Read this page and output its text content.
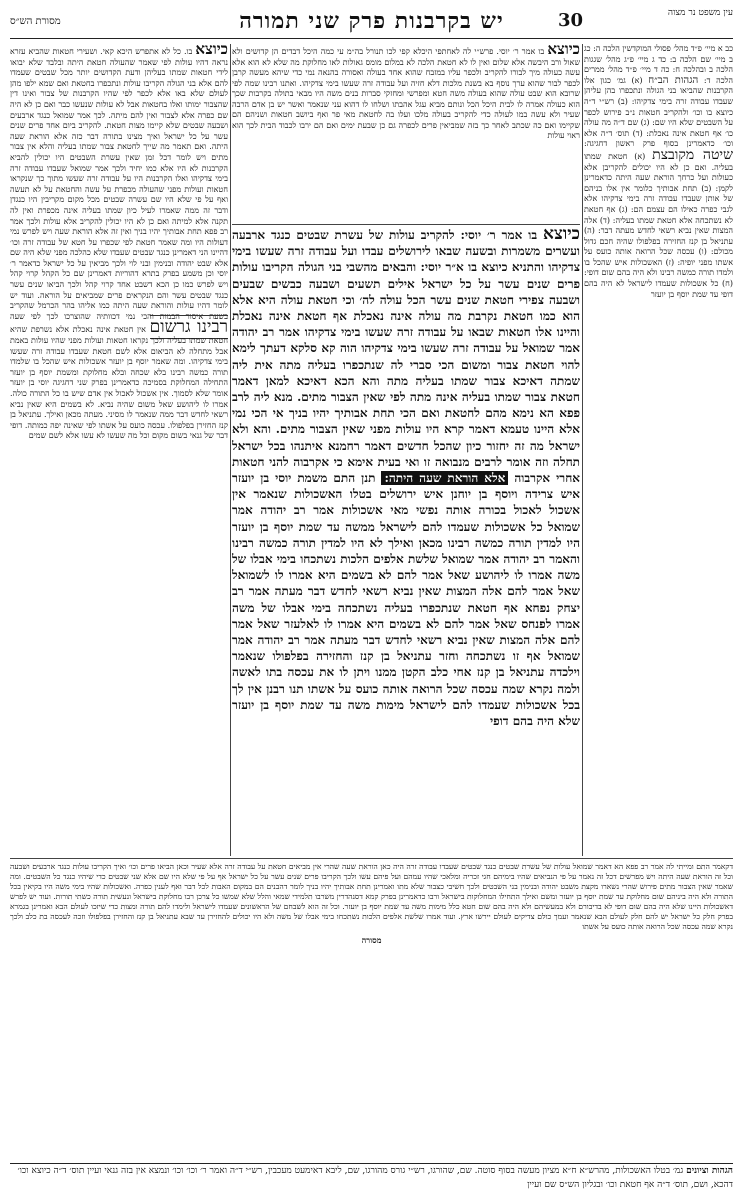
יש בקרבנות פרק שני תמורה	30
מסורת הש״ס
עין משפט נר מצוה
כיוצא בו אמר ר׳ יוסי. פרש״י לה לאחתפי היכלא קפי לכו תנורל בה״מ עי כמה היכל דבדים הן קדושים ולא שאול ורב היבשה אלא שלום ואין לו לא חטאת הלכה לא במלום מומס גאולות לאו מחלוקת מה שלא לא הוא אלא עשה כעולה מיך לבורו להקריב ולכפר עליו במזבח שהוא אחד בעולה ואסורה בהנאה נמי כדי שיהא מעשה קרבן לכפר לבור שהוא ערך נוסף בא בשנת מלכות דלא חזיה ועל עבודה זרה שעשו בימי צדקיהו. ואתנו רבינו שמה לפי שרובא הוא שבט עולה שהוא בעולה משה חטא ומפרשי ומחזקי סברות בנים משה היו מבאי בתולה בקרבות שכך הוא כעולה אמרה לו לבית היכל הכל ונותם מביא עגל אהבתו ושלחו לו דהוא עני שנאמר ואשר יש בן אדם הרבה שעיר ולא עשה במו לעולה כדי להקריב בעולה מלכו ועלו בה לחטאת מאי פר ואף ביושב חטאות ושניהם הם שקיימו ואם כה שכתב לאחר כך בזה שמביאין פרים לכפרה גם כן שבעת ימים ואם הם ירבו לכבוד הבית לכך הוא ראוי עולות
כיוצא בו אמר ר׳ יוסי: להקריב עולות של עשרת שבטים כנגד ארבעה ועשרים משמרות ובשעה שבאו לירושלים עבדו ועל עבודה זרה שעשו בימי צדקיהו והתניא כיוצא בו א״ר יוסי: והבאים מהשבי בני הגולה הקריבו עולות פרים שנים עשר על כל ישראל אילים תשעים ושבעה כבשים שבעים ושבעה צפירי חטאת שנים עשר הכל עולה לה׳ וכי חטאת עולה היא אלא הוא כמו חטאת נקרבת מה עולה אינה נאכלת אף חטאת אינה נאכלת והיינו אלו חטאות שבאו על עבודה זרה שעשו בימי צדקיהו אמר רב יהודה אמר שמואל על עבודה זרה שעשו בימי צדקיהו הוה קא סלקא דעתך לימא להוי חטאת צבור ומשום הכי סברי לה שנתכפרו בעליה מתה אית ליה שמתה דאיכא צבור שמתו בעליה מתה והא הכא דאיכא למאן דאמר חטאת צבור שמתו בעליה אינה מתה לפי שאין הצבור מתים. מנא ליה לרב פפא הא נימא מהם לחטאת ואם הכי תחת אבותיך יהיו בניך אי הכי נמי אלא היינו טעמא דאמר קרא היו עולות מפני שאין הצבור מתים. והא ולא ישראל מה זה יחזור כיון שהכל חדשים דאמר רחמנא איתנהו בכל ישראל תחלה וזה אומר לרבים מנבואה זו ואי בעית אימא כי אקרבוה להני חטאות אחרי אקרבוה אלא הוראת שעה היתה: תנן התם משמת יוסי בן יועזר איש צרידה ויוסף בן יוחנן איש ירושלים בטלו האשכולות שנאמר אין אשכול לאכול בכורה אותה נפשי מאי אשכולות אמר רב יהודה אמר שמואל כל אשכולות שעמדו להם לישראל ממשה עד שמת יוסף בן יועזר היו למדין תורה כמשה רבינו מכאן ואילך לא היו למדין תורה כמשה רבינו והאמר רב יהודה אמר שמואל שלשת אלפים הלכות נשתכחו בימי אבלו של משה אמרו לו ליהושע שאל אמר להם לא בשמים היא אמרו לו לשמואל שאל אמר להם אלה המצות שאין נביא רשאי לחדש דבר מעתה אמר רב יצחק נפחא אף חטאת שנתכפרו בעליה נשתכחה בימי אבלו של משה אמרו לפנחס שאל אמר להם לא בשמים היא אמרו לו לאלעזר שאל אמר להם אלה המצות שאין נביא רשאי לחדש דבר מעתה אמר רב יהודה אמר שמואל אף זו נשתכחה וחזר עתניאל בן קנז והחזירה בפלפולו שנאמר וילכדה עתניאל בן קנז אחי כלב הקטן ממנו ויתן לו את עכסה בתו לאשה ולמה נקרא שמה עכסה שכל הרואה אותה כועס על אשתו תנו רבנן אין לך בכל אשכולות שעמדו להם לישראל מימות משה עד שמת יוסף בן יועזר שלא היה בהם דופי
כיוצא בו. כל לא אתפרש היכא קאי. ושעירי חטאות שהביא עזרא נראה דהיו עולות לפי שאמר שהעולה חטאת היתה ובלבד שלא יבואו לידי חטאות שמתו בעליהן ודעת הקדושים יותר מכל שבטים שעמדו להם אלא בני הגולה הקריבו עולות ונתכפרו בחטאת ואם שמא ילפו מהן לעולם שלא באו אלא לכפר לפי שהיו הקרבנות של צבור ואינו דין שהצבור ימותו ואלו בחטאות אבל לא עולות שנעשו כבר ואם כן לא היה שם כפרה אלא לצבור ואין להם מיתה. לכך אמר שמואל כנגד ארבעים ושבעה שבטים שלא קיימו מצות חטאת. להקריב ביום אחד פרים שנים עשר על כל ישראל ואיך מצינו בתורה דבר כזה אלא הוראת שעה היתה. ואם תאמר מה שייך לחטאת צבור שמתו בעליה והלא אין צבור מתים ויש לומר דכל זמן שאין עשרת השבטים היו יכולין להביא הקרבנות לא היו אלא כמו יחיד ולכך אמר שמואל שעבדו עבודה זרה בימי צדקיהו ואלו הקרבנות היו על עבודה זרה שעשו מתוך כך שנקראו חטאות ועולות מפני שהעולה מכפרת על עשה והחטאת על לא תעשה ואף על פי שלא היו שם עשרה שבטים מכל מקום מקריבין היו כנגדן ודבר זה ממה שאמרו לעיל כיון שמתו בעליה אינה מכפרת ואין לה תקנה אלא למיתה ואם כן לא היו יכולין להקריב אלא עולות ולכך אמר רב פפא תחת אבותיך יהיו בניך ואין זה אלא הוראת שעה ויש לפרש נמי דעולות היו ומה שאמר חטאת לפי שכפרו על חטא של עבודה זרה וכו׳ דהיינו הני דאמרינן כנגד שבטים שעבדו שלא כהלכה מפני שלא היה שם אלא שבט יהודה ובנימין ובני לוי ולכך מביאין על כל ישראל כדאמר ר׳ יוסי וכן משמע בפרק בתרא דהוריות דאמרינן שם כל הקהל קרוי קהל ויש לפרש כמו כן הכא דשבט אחד קרוי קהל ולכך הביאו שנים עשר כנגד שבטים עשר והם הנקראים פרים שמביאים על הוראה. ועוד יש לומר דהיו עולות והוראת שעה היתה כמו אליהו בהר הכרמל שהקריב בשעת איסור הבמות והכי נמי דכוותיה שהוצרכו לכך לפי שעה רבינו גרשום אין חטאת אינה נאכלת אלא נשרפת שהיא חטאת שמתו בעליה ולכך נקראו חטאות ועולות מפני שהיו עולות באמת אבל מתחלה לא הביאום אלא לשם חטאת שעבדו עבודה זרה שעשו בימי צדקיהו. ומה שאמר יוסף בן יועזר אשכולות איש שהכל בו שלמדו תורה כמשה רבינו בלא שכחה ובלא מחלוקת ומשמת יוסף בן יועזר התחילה המחלוקת בסמיכה כדאמרינן בפרק שני דחגיגה יוסי בן יועזר אומר שלא לסמוך. אין אשכול לאכול אין אדם שיש בו כל התורה כולה. אמרו לו ליהושע שאל משום שהיה נביא. לא בשמים היא שאין נביא רשאי לחדש דבר ממה שנאמר לו מסיני. מעתה מכאן ואילך. עתניאל בן קנז החזירן בפלפולו. עכסה כועס על אשתו לפי שאינה יפה כמותה. דופי דבר של גנאי בשום מקום וכל מה שעשו לא עשו אלא לשם שמים
כב א מיי׳ פ״ד מהל׳ פסולי המוקדשין הלכה ה: כג ב מיי׳ שם הלכה ב: כד ג מיי׳ פ״ג מהל׳ שגגות הלכה ב ובהלכה ח: כה ד מיי׳ פ״ד מהל׳ ממרים הלכה ד: הגהות הב״ח (א) גמ׳ כגון אלו הקרבנות שהביאו בני הגולה ונתכפרו בהן עליהן שעבדו עבודה זרה בימי צדקיהו: (ב) רש״י ד״ה כיוצא בו וכו׳ ולהקריב חטאות נ״ב פירוש לכפר על השבטים שלא היו שם: (ג) שם ד״ה מה עולה כו׳ אף חטאת אינה נאכלת: (ד) תוס׳ ד״ה אלא וכו׳ כדאמרינן בסוף פרק ראשון דחגיגה: שיטה מקובצת (א) חטאת שמתו בעליה. ואם כן לא היו יכולים להקריבן אלא כעולות ועל כרחך הוראת שעה היתה כדאמרינן לקמן: (ב) תחת אבותיך כלומר אין אלו בניהם של אותן שעבדו עבודה זרה בימי צדקיהו אלא לגבי כפרה כאילו הם עצמם הם: (ג) אף חטאת לא נשתכחה אלא חטאת שמתו בעליה: (ד) אלה המצות שאין נביא רשאי לחדש מעתה דבר: (ה) עתניאל בן קנז החזירה בפלפולו שהיה חכם גדול מכולם: (ו) עכסה שכל הרואה אותה כועס על אשתו מפני יופיה: (ז) האשכולות איש שהכל בו ולמדו תורה כמשה רבינו ולא היה בהם שום דופי: (ח) כל אשכולות שעמדו לישראל לא היה בהם דופי עד שמת יוסף בן יועזר
דקאמר התם ומייתי לה אמר רב פפא הא דאמר שמואל עולות של עשרת שבטים כנגד שבטים שעבדו עבודה זרה היה כאן הוראת שעה שהרי אין מביאים חטאת על עבודה זרה אלא שעיר וכאן הביאו פרים וכו׳ ואיך הקריבו עולות כנגד ארבעים ושבעה וכל זה הוראת שעה היתה ויש מפרשים דכל זה נאמר על פי הנביאים שהיו בימיהם חגי זכריה ומלאכי שהיו עמהם ועל פיהם עשו ולכך הקריבו פרים שנים עשר על כל ישראל אף על פי שלא היו שם אלא שני שבטים כדי שיהיו כנגד כל השבטים. ומה שאמר שאין הצבור מתים פירוש שהרי נשארו מקצת משבט יהודה ובנימין בני השבטים ולכך חשיבי כצבור שלא מתו ואמרינן תחת אבותיך יהיו בניך לומר דהבנים הם במקום האבות לכל דבר ואף לענין כפרה. ואשכולות שהיו בימי משה היו בקיאין בכל התורה ולא היה ביניהם שום מחלוקת עד שמת יוסף בן יועזר ומשם ואילך התחילו המחלוקות בישראל ורבו כדאמרינן בפרק קמא דסנהדרין משרבו תלמידי שמאי והלל שלא שמשו כל צרכן רבו מחלוקת בישראל ונעשית תורה כשתי תורות. ועוד יש לפרש דאשכולות היינו שלא היה בהם שום דופי לא בדיבורם ולא במעשיהם ולא היה בהם שום חטא כלל מימות משה עד שמת יוסף בן יועזר. וכל זה הוא לשבחם של הראשונים שעמדו לישראל ולימדו להם תורה ומצות כדי שיזכו לעולם הבא ואמרינן בגמרא בפרק חלק כל ישראל יש להם חלק לעולם הבא שנאמר ועמך כולם צדיקים לעולם יירשו ארץ. ועוד אמרו שלשת אלפים הלכות נשתכחו בימי אבלו של משה ולא היו יכולים להחזירן עד שבא עתניאל בן קנז והחזירן בפלפולו וזכה לעכסה בת כלב ולכך נקרא שמה עכסה שכל הרואה אותה כועס על אשתו
מסורה
הגהות וציונים גמ׳ בטלו האשכולות, מהרש״א ח״א מציון מעשה בסוף סוטה. שם, שהורגו, רש״י גורס מהורגו, שם, ליבא דאימעט מעכבין, רש״י ד״ה ואמר ר׳ וכו׳ וכו׳ ונמצא אין בזה גנאי ועיין תוס׳ ד״ה כיוצא וכו׳ דהכא, ושם, תוס׳ ד״ה אף חטאת וכו׳ ובגליון הש״ס שם ועיין
